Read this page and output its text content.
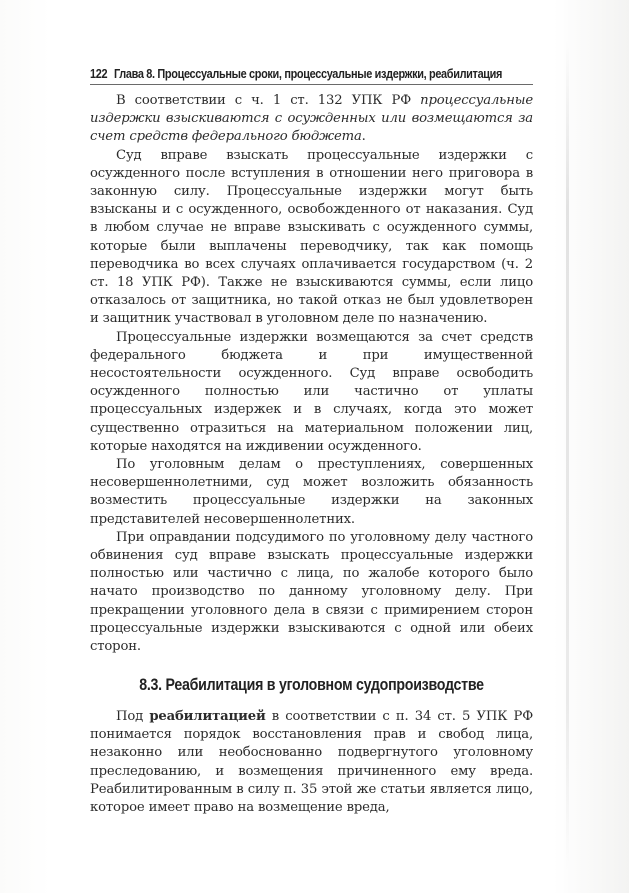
122 Глава 8. Процессуальные сроки, процессуальные издержки, реабилитация

В соответствии с ч. 1 ст. 132 УПК РФ процессуальные издержки взыскиваются с осужденных или возмещаются за счет средств федерального бюджета.

Суд вправе взыскать процессуальные издержки с осужденного после вступления в отношении него приговора в законную силу. Процессуальные издержки могут быть взысканы и с осужденного, освобожденного от наказания. Суд в любом случае не вправе взыскивать с осужденного суммы, которые были выплачены переводчику, так как помощь переводчика во всех случаях оплачивается государством (ч. 2 ст. 18 УПК РФ). Также не взыскиваются суммы, если лицо отказалось от защитника, но такой отказ не был удовлетворен и защитник участвовал в уголовном деле по назначению.

Процессуальные издержки возмещаются за счет средств федерального бюджета и при имущественной несостоятельности осужденного. Суд вправе освободить осужденного полностью или частично от уплаты процессуальных издержек и в случаях, когда это может существенно отразиться на материальном положении лиц, которые находятся на иждивении осужденного.

По уголовным делам о преступлениях, совершенных несовершеннолетними, суд может возложить обязанность возместить процессуальные издержки на законных представителей несовершеннолетних.

При оправдании подсудимого по уголовному делу частного обвинения суд вправе взыскать процессуальные издержки полностью или частично с лица, по жалобе которого было начато производство по данному уголовному делу. При прекращении уголовного дела в связи с примирением сторон процессуальные издержки взыскиваются с одной или обеих сторон.

8.3. Реабилитация в уголовном судопроизводстве

Под реабилитацией в соответствии с п. 34 ст. 5 УПК РФ понимается порядок восстановления прав и свобод лица, незаконно или необоснованно подвергнутого уголовному преследованию, и возмещения причиненного ему вреда. Реабилитированным в силу п. 35 этой же статьи является лицо, которое имеет право на возмещение вреда,
